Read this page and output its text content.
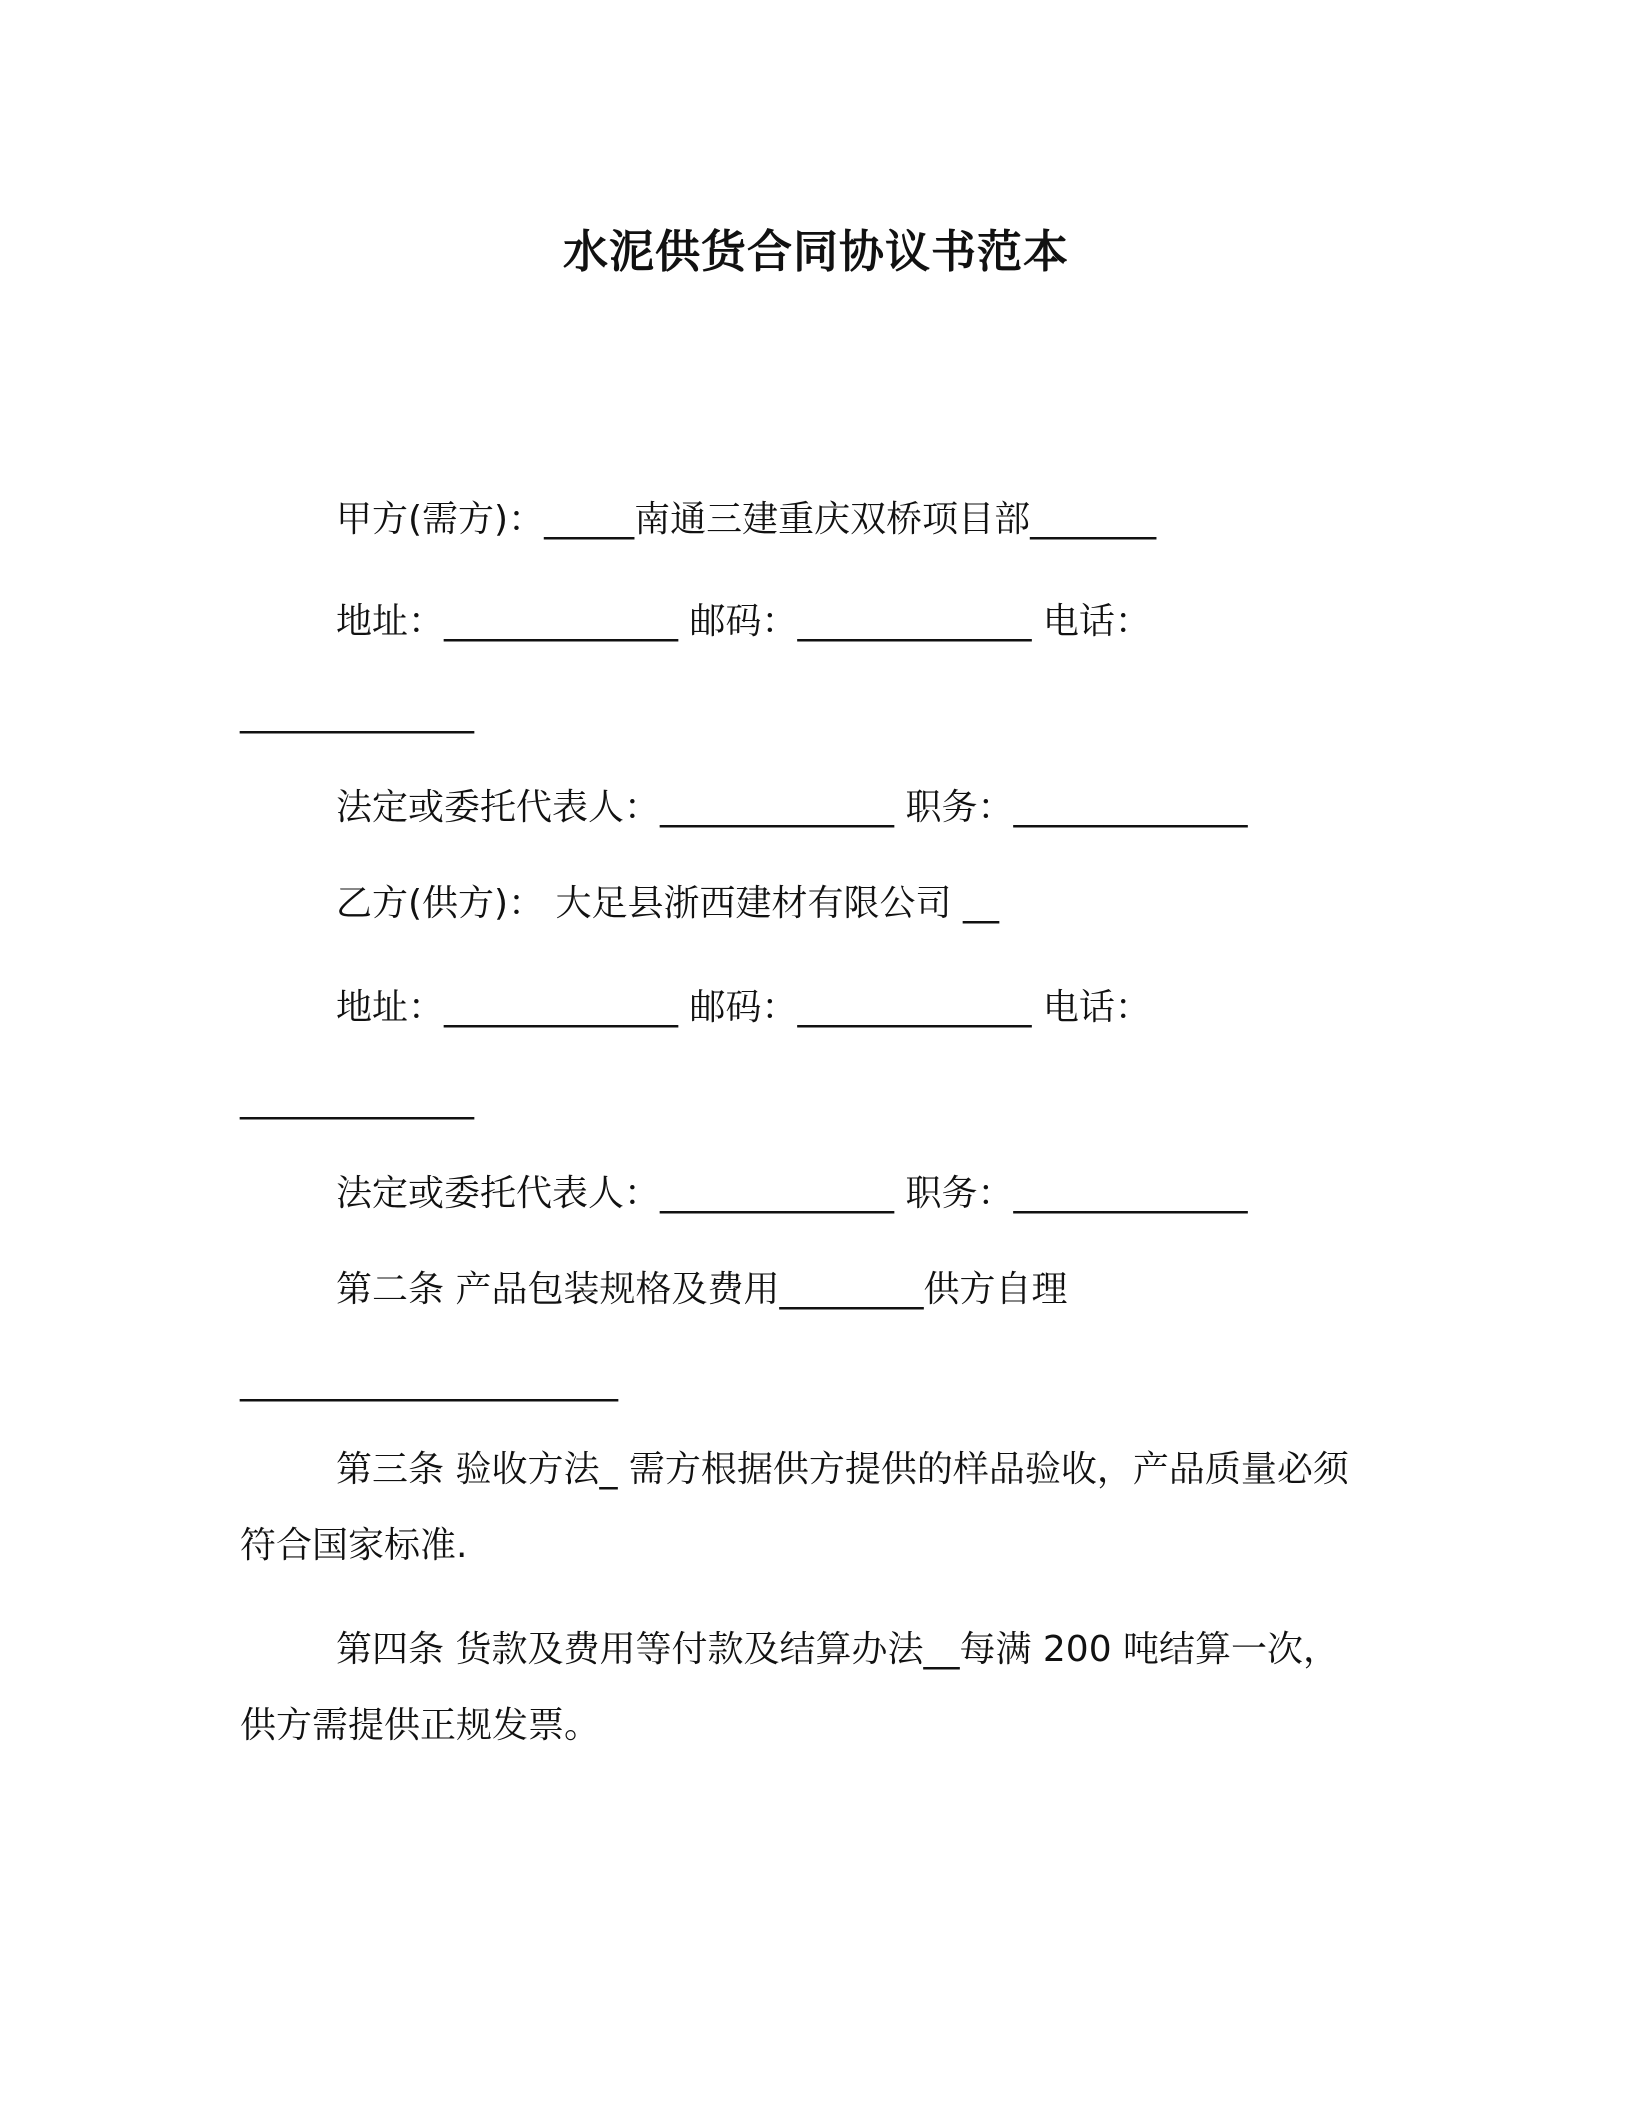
水泥供货合同协议书范本
甲方(需方)：_____南通三建重庆双桥项目部_______
地址：_____________ 邮码：_____________ 电话：
_____________
法定或委托代表人：_____________ 职务：_____________
乙方(供方)： 大足县浙西建材有限公司 __
地址：_____________ 邮码：_____________ 电话：
_____________
法定或委托代表人：_____________ 职务：_____________
第二条 产品包装规格及费用________供方自理
_____________________
第三条 验收方法_ 需方根据供方提供的样品验收，产品质量必须
符合国家标准.
第四条 货款及费用等付款及结算办法__每满 200 吨结算一次，
供方需提供正规发票。
